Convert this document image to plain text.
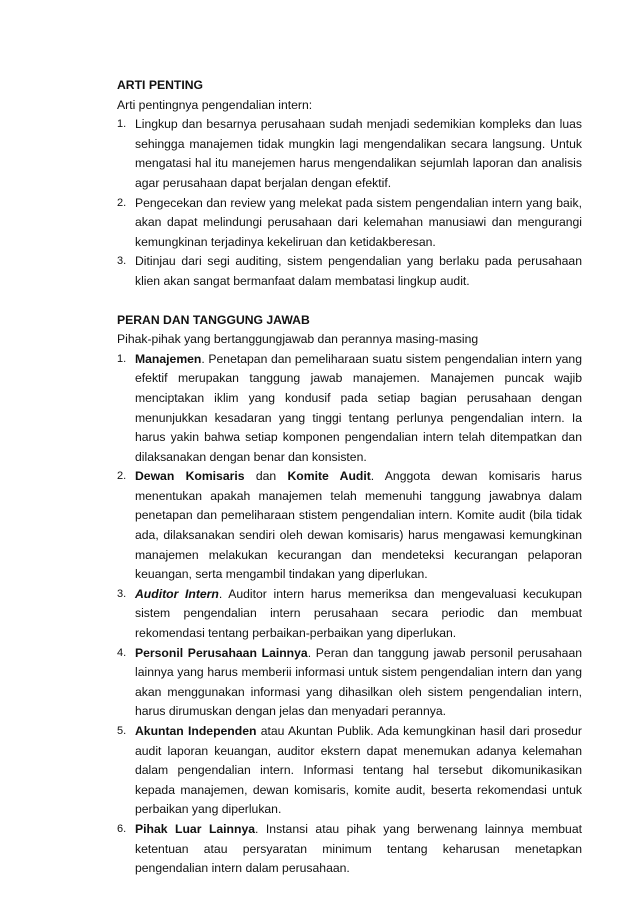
ARTI PENTING

Arti pentingnya pengendalian intern:

1. Lingkup dan besarnya perusahaan sudah menjadi sedemikian kompleks dan luas sehingga manajemen tidak mungkin lagi mengendalikan secara langsung. Untuk mengatasi hal itu manejemen harus mengendalikan sejumlah laporan dan analisis agar perusahaan dapat berjalan dengan efektif.
2. Pengecekan dan review yang melekat pada sistem pengendalian intern yang baik, akan dapat melindungi perusahaan dari kelemahan manusiawi dan mengurangi kemungkinan terjadinya kekeliruan dan ketidakberesan.
3. Ditinjau dari segi auditing, sistem pengendalian yang berlaku pada perusahaan klien akan sangat bermanfaat dalam membatasi lingkup audit.

PERAN DAN TANGGUNG JAWAB

Pihak-pihak yang bertanggungjawab dan perannya masing-masing

1. Manajemen. Penetapan dan pemeliharaan suatu sistem pengendalian intern yang efektif merupakan tanggung jawab manajemen. Manajemen puncak wajib menciptakan iklim yang kondusif pada setiap bagian perusahaan dengan menunjukkan kesadaran yang tinggi tentang perlunya pengendalian intern. Ia harus yakin bahwa setiap komponen pengendalian intern telah ditempatkan dan dilaksanakan dengan benar dan konsisten.
2. Dewan Komisaris dan Komite Audit. Anggota dewan komisaris harus menentukan apakah manajemen telah memenuhi tanggung jawabnya dalam penetapan dan pemeliharaan stistem pengendalian intern. Komite audit (bila tidak ada, dilaksanakan sendiri oleh dewan komisaris) harus mengawasi kemungkinan manajemen melakukan kecurangan dan mendeteksi kecurangan pelaporan keuangan, serta mengambil tindakan yang diperlukan.
3. Auditor Intern. Auditor intern harus memeriksa dan mengevaluasi kecukupan sistem pengendalian intern perusahaan secara periodic dan membuat rekomendasi tentang perbaikan-perbaikan yang diperlukan.
4. Personil Perusahaan Lainnya. Peran dan tanggung jawab personil perusahaan lainnya yang harus memberii informasi untuk sistem pengendalian intern dan yang akan menggunakan informasi yang dihasilkan oleh sistem pengendalian intern, harus dirumuskan dengan jelas dan menyadari perannya.
5. Akuntan Independen atau Akuntan Publik. Ada kemungkinan hasil dari prosedur audit laporan keuangan, auditor ekstern dapat menemukan adanya kelemahan dalam pengendalian intern. Informasi tentang hal tersebut dikomunikasikan kepada manajemen, dewan komisaris, komite audit, beserta rekomendasi untuk perbaikan yang diperlukan.
6. Pihak Luar Lainnya. Instansi atau pihak yang berwenang lainnya membuat ketentuan atau persyaratan minimum tentang keharusan menetapkan pengendalian intern dalam perusahaan.
